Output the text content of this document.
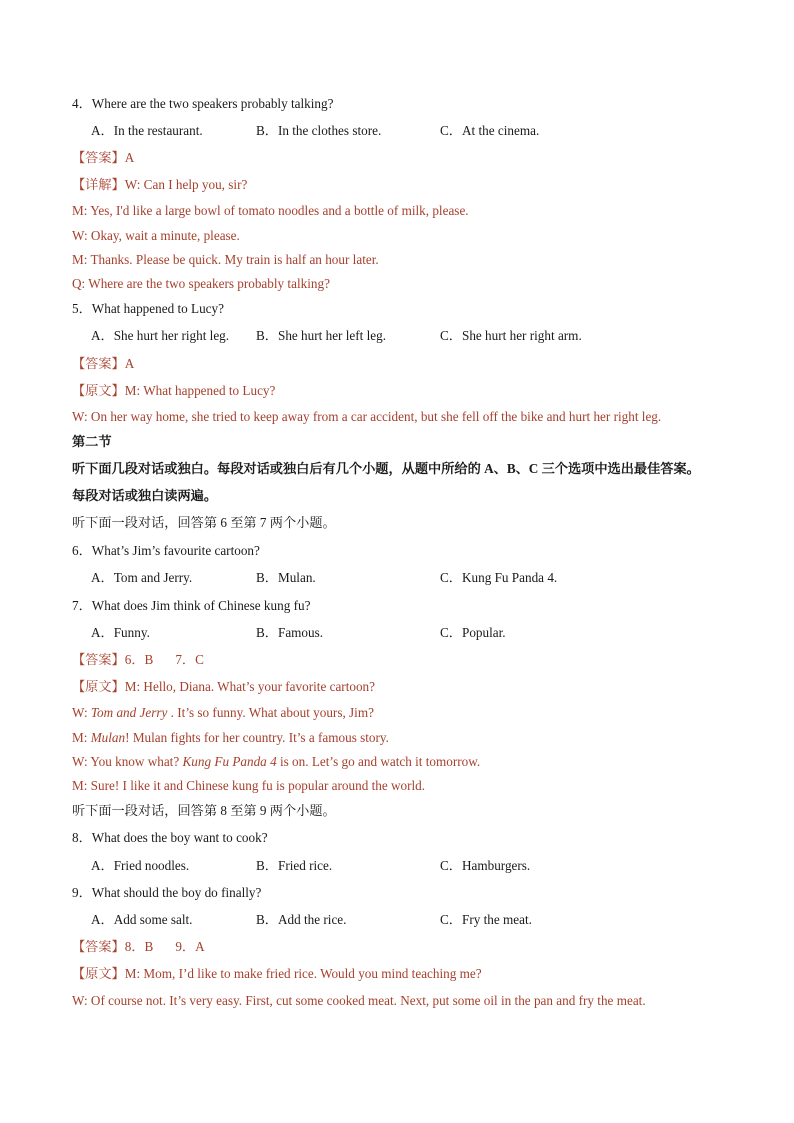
4．Where are the two speakers probably talking?
A．In the restaurant.	B．In the clothes store.	C．At the cinema.
【答案】A
【详解】W: Can I help you, sir?
M: Yes, I'd like a large bowl of tomato noodles and a bottle of milk, please.
W: Okay, wait a minute, please.
M: Thanks. Please be quick. My train is half an hour later.
Q: Where are the two speakers probably talking?
5．What happened to Lucy?
A．She hurt her right leg. B．She hurt her left leg.	C．She hurt her right arm.
【答案】A
【原文】M: What happened to Lucy?
W: On her way home, she tried to keep away from a car accident, but she fell off the bike and hurt her right leg.
第二节
听下面几段对话或独白。每段对话或独白后有几个小题，从题中所给的 A、B、C 三个选项中选出最佳答案。
每段对话或独白读两遍。
听下面一段对话，回答第 6 至第 7 两个小题。
6．What’s Jim’s favourite cartoon?
A．Tom and Jerry.	B．Mulan.	C．Kung Fu Panda 4.
7．What does Jim think of Chinese kung fu?
A．Funny.	B．Famous.	C．Popular.
【答案】6．B 7．C
【原文】M: Hello, Diana. What’s your favorite cartoon?
W: Tom and Jerry . It’s so funny. What about yours, Jim?
M: Mulan! Mulan fights for her country. It’s a famous story.
W: You know what? Kung Fu Panda 4 is on. Let’s go and watch it tomorrow.
M: Sure! I like it and Chinese kung fu is popular around the world.
听下面一段对话，回答第 8 至第 9 两个小题。
8．What does the boy want to cook?
A．Fried noodles.	B．Fried rice.	C．Hamburgers.
9．What should the boy do finally?
A．Add some salt.	B．Add the rice.	C．Fry the meat.
【答案】8．B 9．A
【原文】M: Mom, I’d like to make fried rice. Would you mind teaching me?
W: Of course not. It’s very easy. First, cut some cooked meat. Next, put some oil in the pan and fry the meat.
